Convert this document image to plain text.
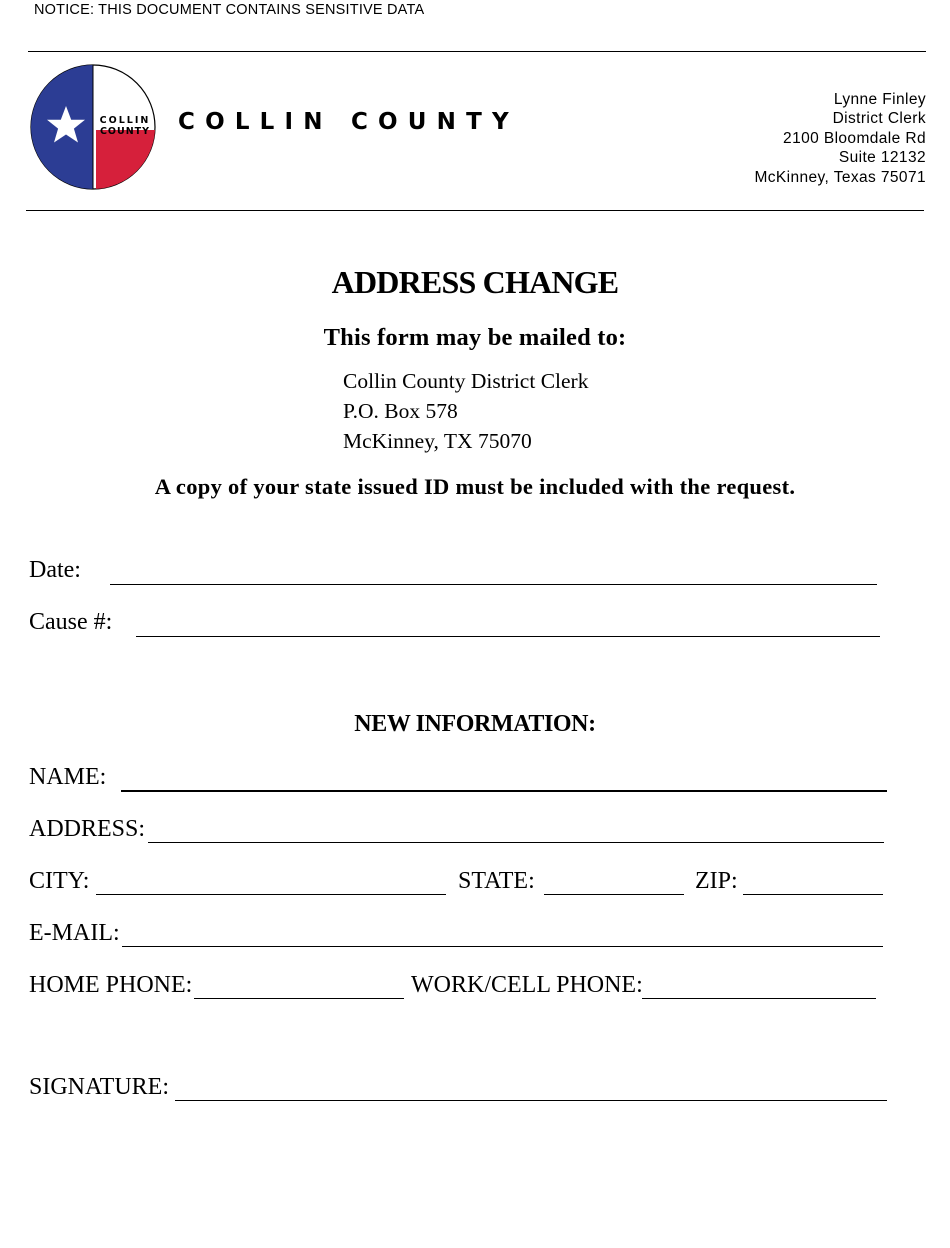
NOTICE: THIS DOCUMENT CONTAINS SENSITIVE DATA
COLLIN
COUNTY COLLIN COUNTY
Lynne Finley
District Clerk
2100 Bloomdale Rd
Suite 12132
McKinney, Texas 75071
ADDRESS CHANGE
This form may be mailed to:
Collin County District Clerk
P.O. Box 578
McKinney, TX 75070
A copy of your state issued ID must be included with the request.
Date:
Cause #:
NEW INFORMATION:
NAME:
ADDRESS:
CITY:	STATE:	ZIP:
E-MAIL:
HOME PHONE:	WORK/CELL PHONE:
SIGNATURE:
